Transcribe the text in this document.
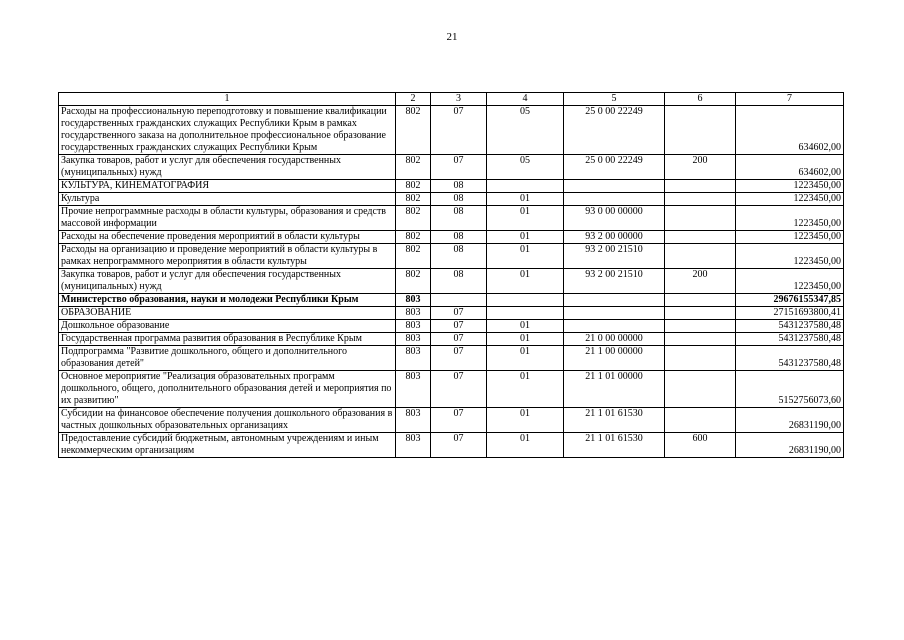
21
1	2	3	4	5	6	7
Расходы на профессиональную переподготовку и повышение квалификации государственных гражданских служащих Республики Крым в рамках государственного заказа на дополнительное профессиональное образование государственных гражданских служащих Республики Крым	802	07	05	25 0 00 22249		634602,00
Закупка товаров, работ и услуг для обеспечения государственных (муниципальных) нужд	802	07	05	25 0 00 22249	200	634602,00
КУЛЬТУРА, КИНЕМАТОГРАФИЯ	802	08				1223450,00
Культура	802	08	01			1223450,00
Прочие непрограммные расходы в области культуры, образования и средств массовой информации	802	08	01	93 0 00 00000		1223450,00
Расходы на обеспечение проведения мероприятий в области культуры	802	08	01	93 2 00 00000		1223450,00
Расходы на организацию и проведение мероприятий в области культуры в рамках непрограммного мероприятия в области культуры	802	08	01	93 2 00 21510		1223450,00
Закупка товаров, работ и услуг для обеспечения государственных (муниципальных) нужд	802	08	01	93 2 00 21510	200	1223450,00
Министерство образования, науки и молодежи Республики Крым	803					29676155347,85
ОБРАЗОВАНИЕ	803	07				27151693800,41
Дошкольное образование	803	07	01			5431237580,48
Государственная программа развития образования в Республике Крым	803	07	01	21 0 00 00000		5431237580,48
Подпрограмма "Развитие дошкольного, общего и дополнительного образования детей"	803	07	01	21 1 00 00000		5431237580,48
Основное мероприятие "Реализация образовательных программ дошкольного, общего, дополнительного образования детей и мероприятия по их развитию"	803	07	01	21 1 01 00000		5152756073,60
Субсидии на финансовое обеспечение получения дошкольного образования в частных дошкольных образовательных организациях	803	07	01	21 1 01 61530		26831190,00
Предоставление субсидий бюджетным, автономным учреждениям и иным некоммерческим организациям	803	07	01	21 1 01 61530	600	26831190,00
